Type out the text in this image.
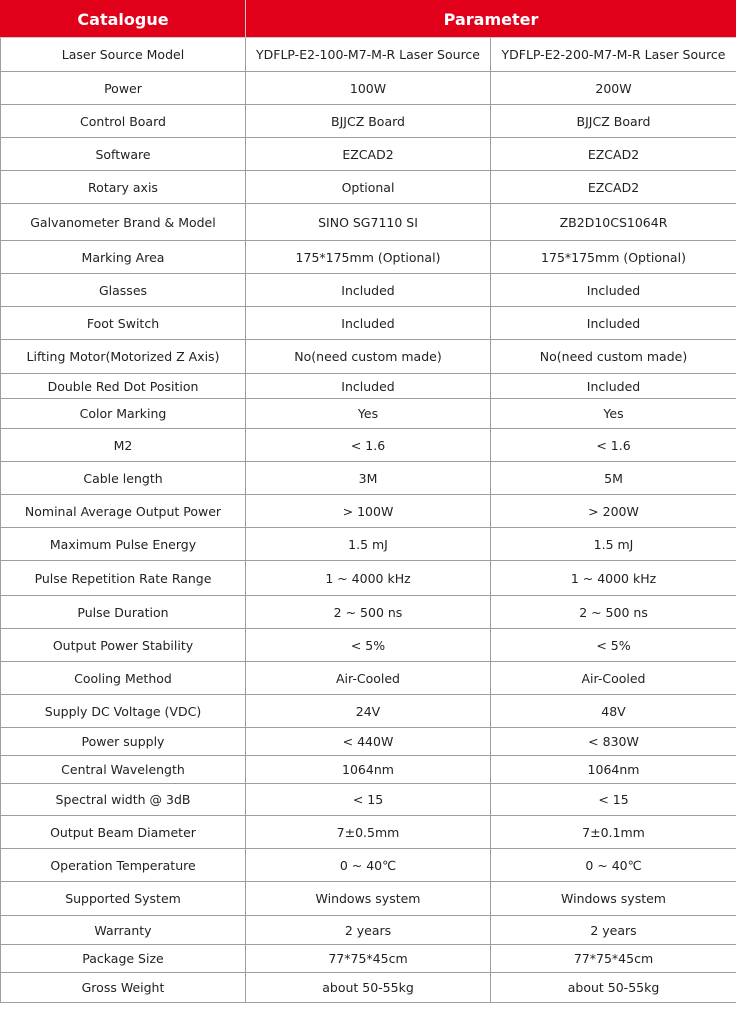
Catalogue	Parameter	
Laser Source Model	YDFLP-E2-100-M7-M-R Laser Source	YDFLP-E2-200-M7-M-R Laser Source
Power	100W	200W
Control Board	BJJCZ Board	BJJCZ Board
Software	EZCAD2	EZCAD2
Rotary axis	Optional	EZCAD2
Galvanometer Brand & Model	SINO SG7110 SI	ZB2D10CS1064R
Marking Area	175*175mm (Optional)	175*175mm (Optional)
Glasses	Included	Included
Foot Switch	Included	Included
Lifting Motor(Motorized Z Axis)	No(need custom made)	No(need custom made)
Double Red Dot Position	Included	Included
Color Marking	Yes	Yes
M2	< 1.6	< 1.6
Cable length	3M	5M
Nominal Average Output Power	> 100W	> 200W
Maximum Pulse Energy	1.5 mJ	1.5 mJ
Pulse Repetition Rate Range	1 ~ 4000 kHz	1 ~ 4000 kHz
Pulse Duration	2 ~ 500 ns	2 ~ 500 ns
Output Power Stability	< 5%	< 5%
Cooling Method	Air-Cooled	Air-Cooled
Supply DC Voltage (VDC)	24V	48V
Power supply	< 440W	< 830W
Central Wavelength	1064nm	1064nm
Spectral width @ 3dB	< 15	< 15
Output Beam Diameter	7±0.5mm	7±0.1mm
Operation Temperature	0 ~ 40℃	0 ~ 40℃
Supported System	Windows system	Windows system
Warranty	2 years	2 years
Package Size	77*75*45cm	77*75*45cm
Gross Weight	about 50-55kg	about 50-55kg
